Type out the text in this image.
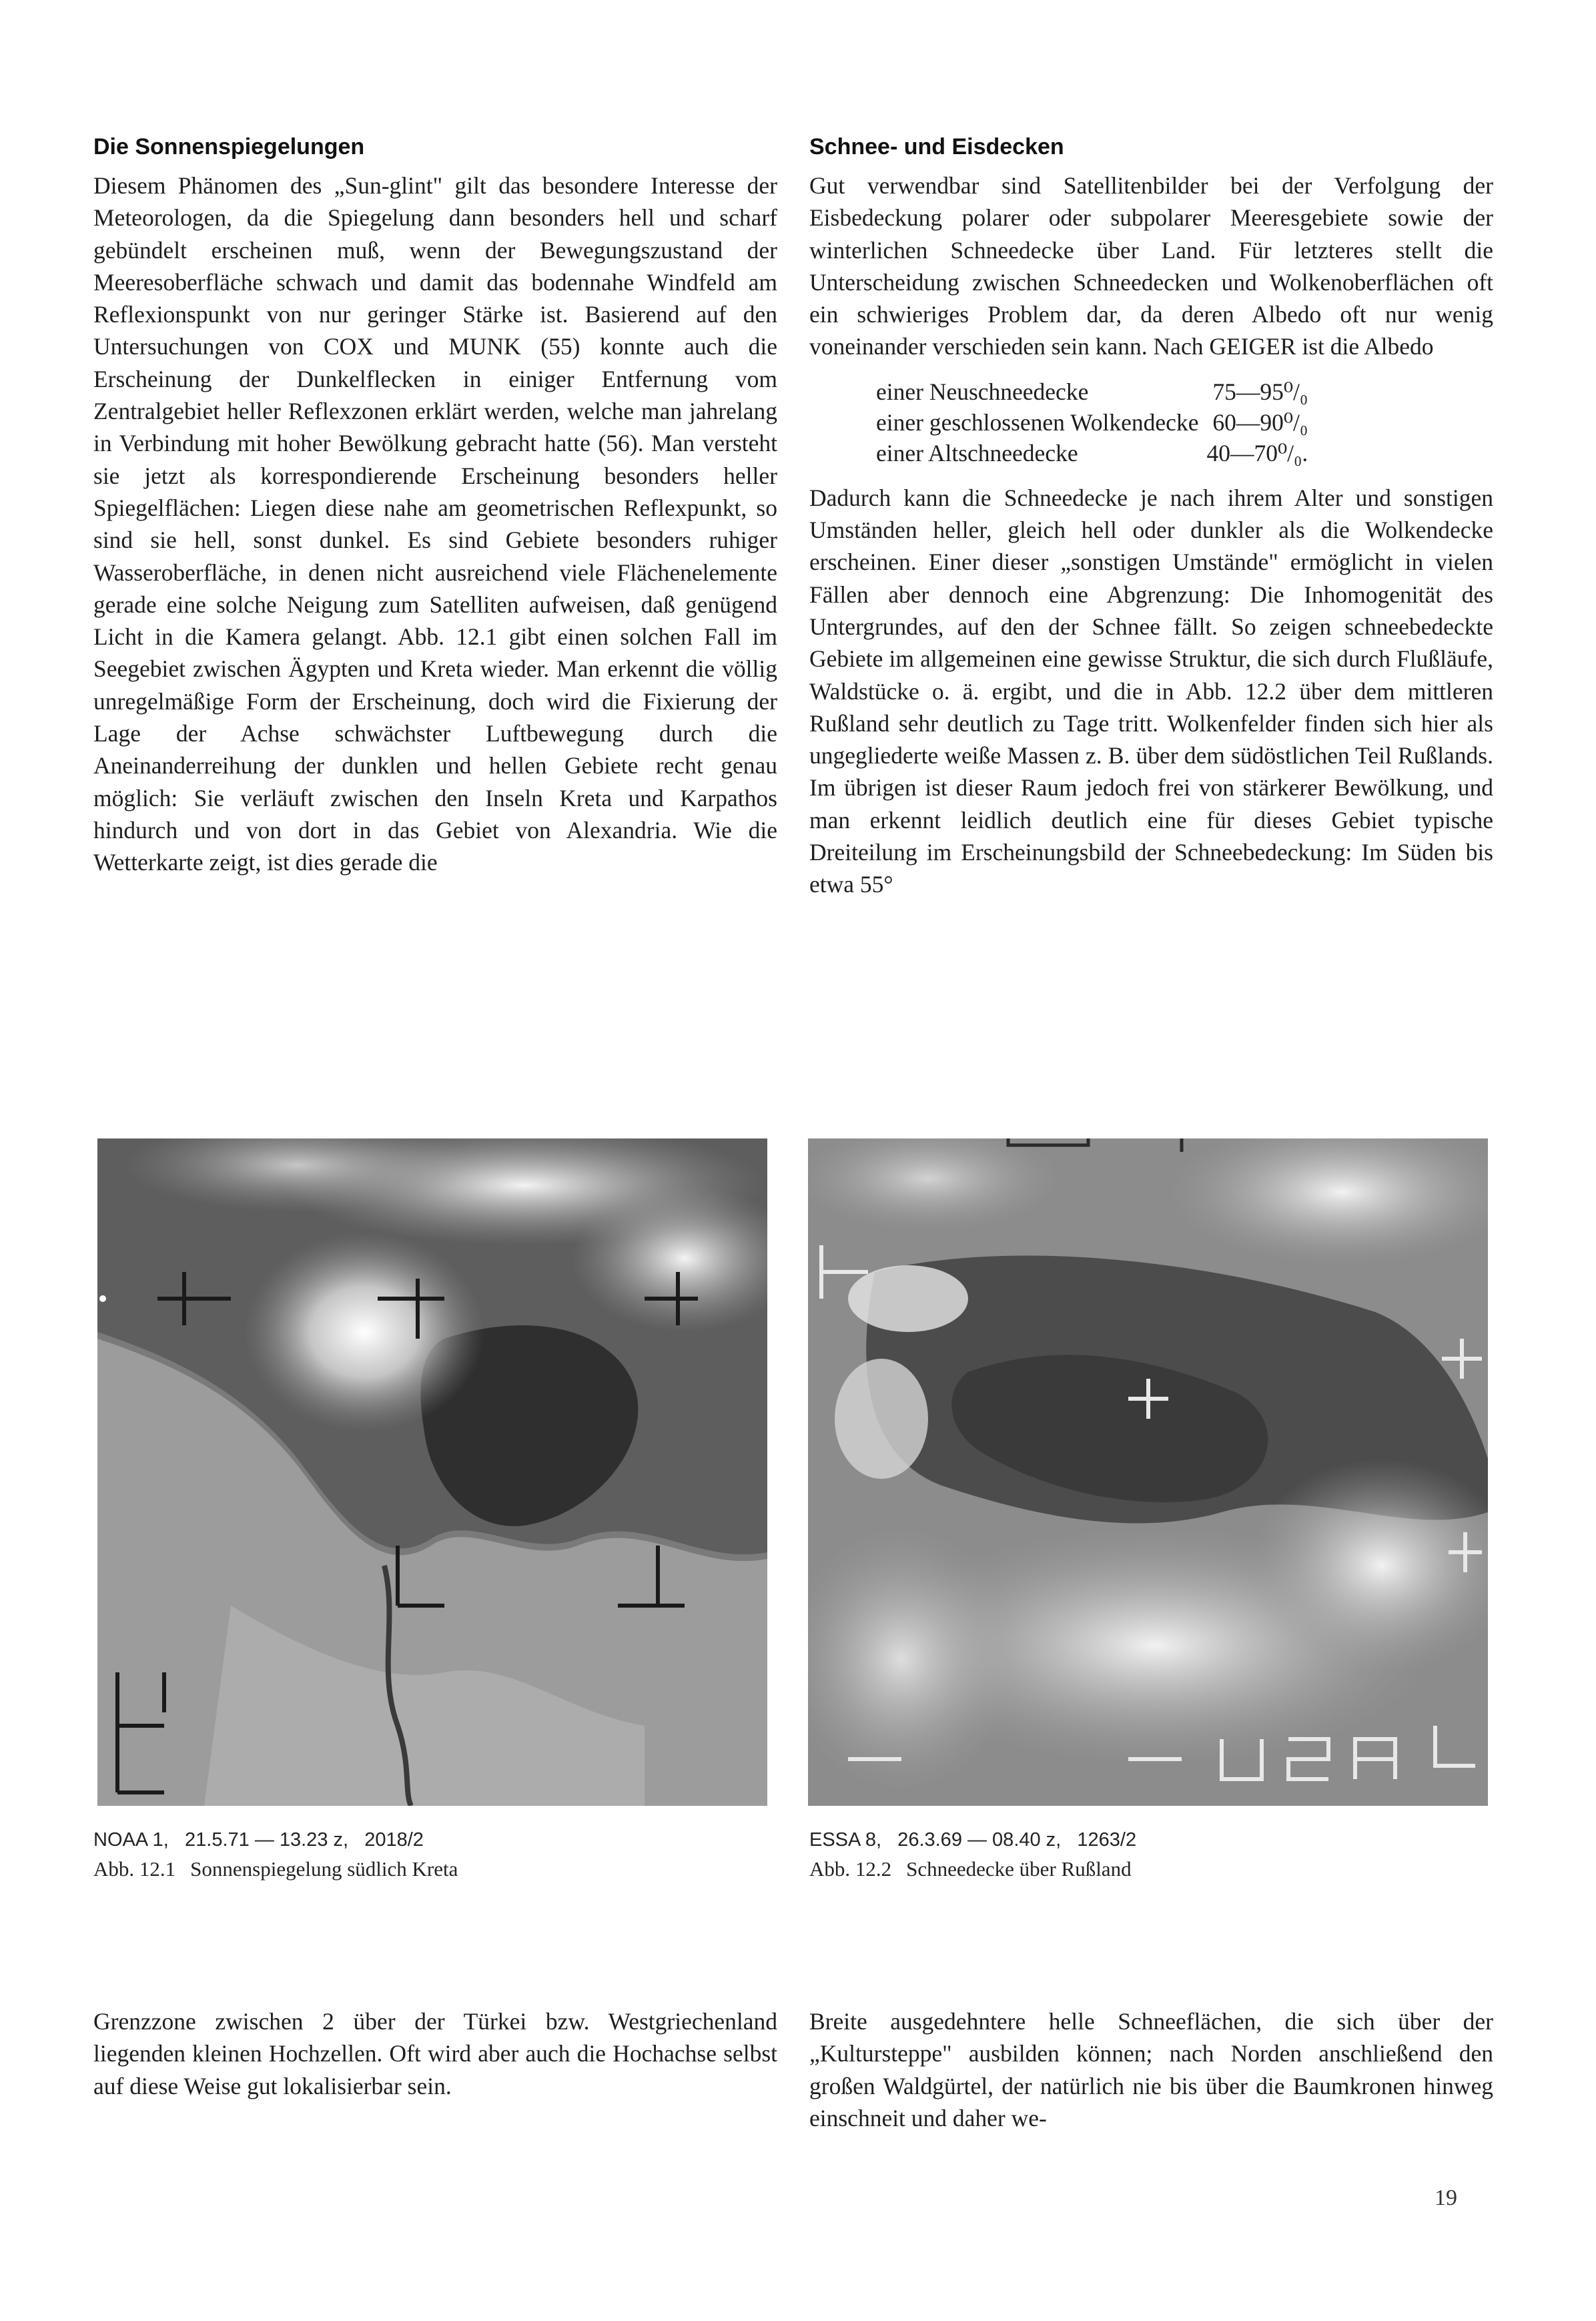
Die Sonnenspiegelungen

Diesem Phänomen des „Sun-glint" gilt das besondere Interesse der Meteorologen, da die Spiegelung dann besonders hell und scharf gebündelt erscheinen muß, wenn der Bewegungszustand der Meeresoberfläche schwach und damit das bodennahe Windfeld am Reflexionspunkt von nur geringer Stärke ist. Basierend auf den Untersuchungen von COX und MUNK (55) konnte auch die Erscheinung der Dunkelflecken in einiger Entfernung vom Zentralgebiet heller Reflexzonen erklärt werden, welche man jahrelang in Verbindung mit hoher Bewölkung gebracht hatte (56). Man versteht sie jetzt als korrespondierende Erscheinung besonders heller Spiegelflächen: Liegen diese nahe am geometrischen Reflexpunkt, so sind sie hell, sonst dunkel. Es sind Gebiete besonders ruhiger Wasseroberfläche, in denen nicht ausreichend viele Flächenelemente gerade eine solche Neigung zum Satelliten aufweisen, daß genügend Licht in die Kamera gelangt. Abb. 12.1 gibt einen solchen Fall im Seegebiet zwischen Ägypten und Kreta wieder. Man erkennt die völlig unregelmäßige Form der Erscheinung, doch wird die Fixierung der Lage der Achse schwächster Luftbewegung durch die Aneinanderreihung der dunklen und hellen Gebiete recht genau möglich: Sie verläuft zwischen den Inseln Kreta und Karpathos hindurch und von dort in das Gebiet von Alexandria. Wie die Wetterkarte zeigt, ist dies gerade die

Schnee- und Eisdecken

Gut verwendbar sind Satellitenbilder bei der Verfolgung der Eisbedeckung polarer oder subpolarer Meeresgebiete sowie der winterlichen Schneedecke über Land. Für letzteres stellt die Unterscheidung zwischen Schneedecken und Wolkenoberflächen oft ein schwieriges Problem dar, da deren Albedo oft nur wenig voneinander verschieden sein kann. Nach GEIGER ist die Albedo

einer Neuschneedecke	75—95⁰/₀
einer geschlossenen Wolkendecke	60—90⁰/₀
einer Altschneedecke	40—70⁰/₀.

Dadurch kann die Schneedecke je nach ihrem Alter und sonstigen Umständen heller, gleich hell oder dunkler als die Wolkendecke erscheinen. Einer dieser „sonstigen Umstände" ermöglicht in vielen Fällen aber dennoch eine Abgrenzung: Die Inhomogenität des Untergrundes, auf den der Schnee fällt. So zeigen schneebedeckte Gebiete im allgemeinen eine gewisse Struktur, die sich durch Flußläufe, Waldstücke o. ä. ergibt, und die in Abb. 12.2 über dem mittleren Rußland sehr deutlich zu Tage tritt. Wolkenfelder finden sich hier als ungegliederte weiße Massen z. B. über dem südöstlichen Teil Rußlands. Im übrigen ist dieser Raum jedoch frei von stärkerer Bewölkung, und man erkennt leidlich deutlich eine für dieses Gebiet typische Dreiteilung im Erscheinungsbild der Schneebedeckung: Im Süden bis etwa 55°

NOAA 1,   21.5.71 — 13.23 z,   2018/2
Abb. 12.1 Sonnenspiegelung südlich Kreta
ESSA 8,   26.3.69 — 08.40 z,   1263/2
Abb. 12.2 Schneedecke über Rußland

Grenzzone zwischen 2 über der Türkei bzw. Westgriechenland liegenden kleinen Hochzellen. Oft wird aber auch die Hochachse selbst auf diese Weise gut lokalisierbar sein.

Breite ausgedehntere helle Schneeflächen, die sich über der „Kultursteppe" ausbilden können; nach Norden anschließend den großen Waldgürtel, der natürlich nie bis über die Baumkronen hinweg einschneit und daher we-

19
